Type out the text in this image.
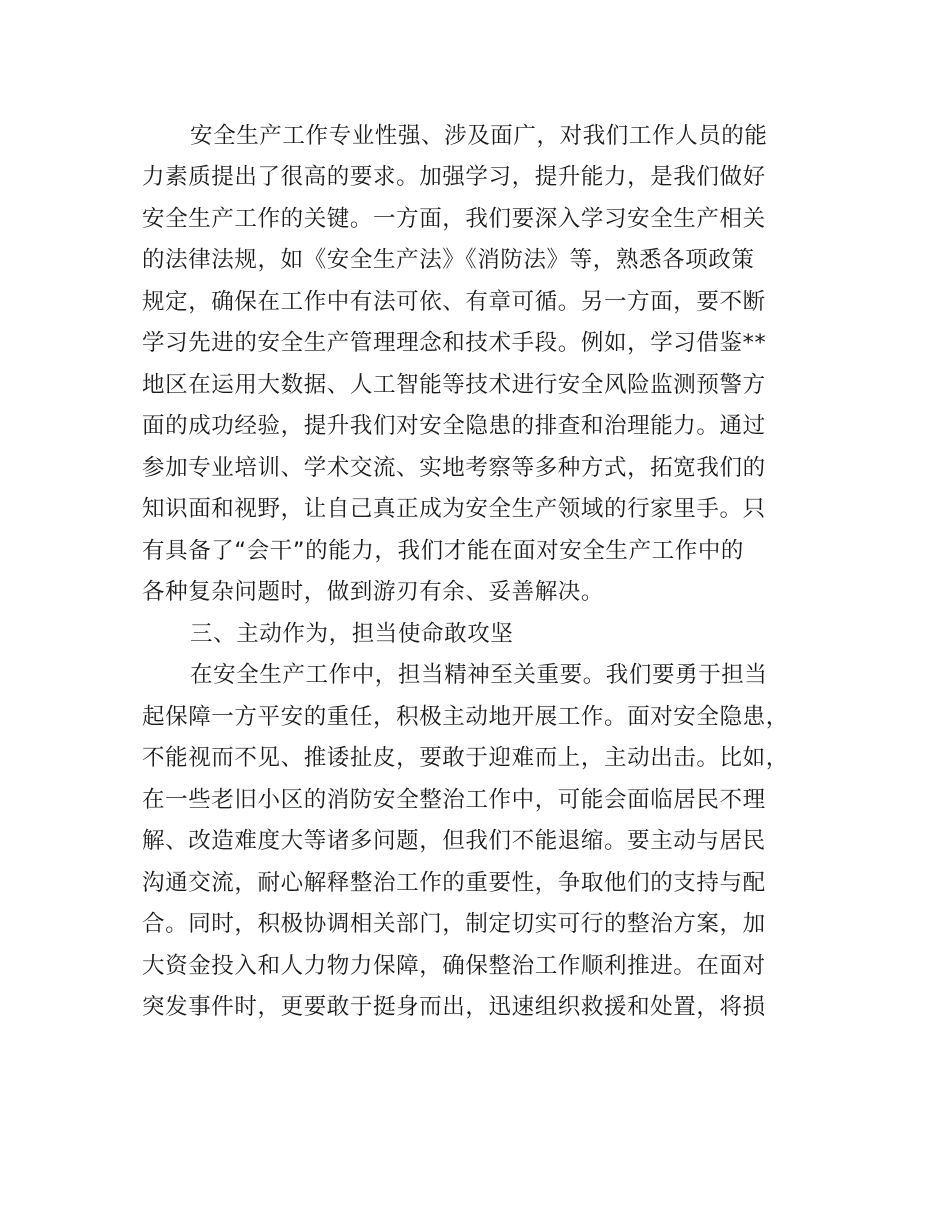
安全生产工作专业性强、涉及面广，对我们工作人员的能
力素质提出了很高的要求。加强学习，提升能力，是我们做好
安全生产工作的关键。一方面，我们要深入学习安全生产相关
的法律法规，如《安全生产法》《消防法》等，熟悉各项政策
规定，确保在工作中有法可依、有章可循。另一方面，要不断
学习先进的安全生产管理理念和技术手段。例如，学习借鉴**
地区在运用大数据、人工智能等技术进行安全风险监测预警方
面的成功经验，提升我们对安全隐患的排查和治理能力。通过
参加专业培训、学术交流、实地考察等多种方式，拓宽我们的
知识面和视野，让自己真正成为安全生产领域的行家里手。只
有具备了“会干”的能力，我们才能在面对安全生产工作中的
各种复杂问题时，做到游刃有余、妥善解决。
三、主动作为，担当使命敢攻坚
在安全生产工作中，担当精神至关重要。我们要勇于担当
起保障一方平安的重任，积极主动地开展工作。面对安全隐患，
不能视而不见、推诿扯皮，要敢于迎难而上，主动出击。比如，
在一些老旧小区的消防安全整治工作中，可能会面临居民不理
解、改造难度大等诸多问题，但我们不能退缩。要主动与居民
沟通交流，耐心解释整治工作的重要性，争取他们的支持与配
合。同时，积极协调相关部门，制定切实可行的整治方案，加
大资金投入和人力物力保障，确保整治工作顺利推进。在面对
突发事件时，更要敢于挺身而出，迅速组织救援和处置，将损
